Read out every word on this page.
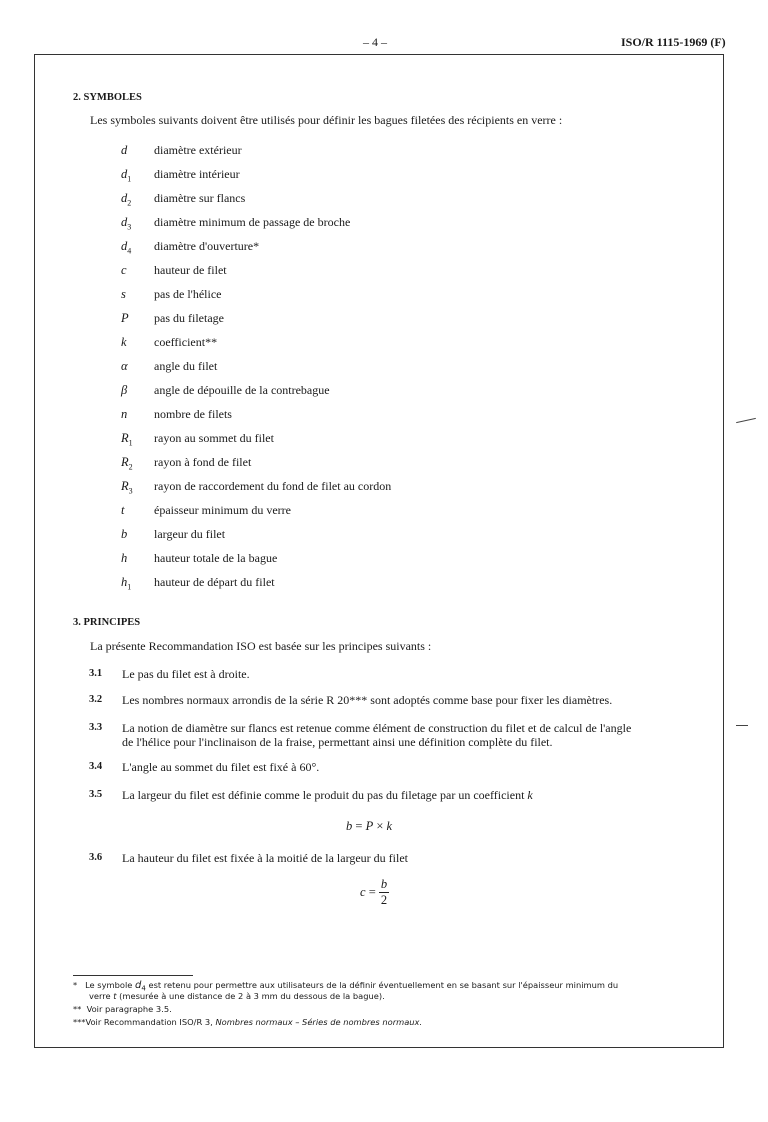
– 4 –	ISO/R 1115-1969 (F)
2. SYMBOLES
Les symboles suivants doivent être utilisés pour définir les bagues filetées des récipients en verre :
d diamètre extérieur
$d_1$ diamètre intérieur
$d_2$ diamètre sur flancs
$d_3$ diamètre minimum de passage de broche
$d_4$ diamètre d'ouverture*
c hauteur de filet
s pas de l'hélice
P pas du filetage
k coefficient**
α angle du filet
β angle de dépouille de la contrebague
n nombre de filets
$R_1$ rayon au sommet du filet
$R_2$ rayon à fond de filet
$R_3$ rayon de raccordement du fond de filet au cordon
t épaisseur minimum du verre
b largeur du filet
h hauteur totale de la bague
$h_1$ hauteur de départ du filet
3. PRINCIPES
La présente Recommandation ISO est basée sur les principes suivants :
3.1 Le pas du filet est à droite.
3.2 Les nombres normaux arrondis de la série R 20*** sont adoptés comme base pour fixer les diamètres.
3.3 La notion de diamètre sur flancs est retenue comme élément de construction du filet et de calcul de l'angle
de l'hélice pour l'inclinaison de la fraise, permettant ainsi une définition complète du filet.
3.4 L'angle au sommet du filet est fixé à 60°.
3.5 La largeur du filet est définie comme le produit du pas du filetage par un coefficient k
3.6 La hauteur du filet est fixée à la moitié de la largeur du filet
b = P × k
$c = \frac{b}{2}$
* Le symbole $d_4$ est retenu pour permettre aux utilisateurs de la définir éventuellement en se basant sur l'épaisseur minimum du
verre t (mesurée à une distance de 2 à 3 mm du dessous de la bague).
** Voir paragraphe 3.5.
***Voir Recommandation ISO/R 3, Nombres normaux – Séries de nombres normaux.
